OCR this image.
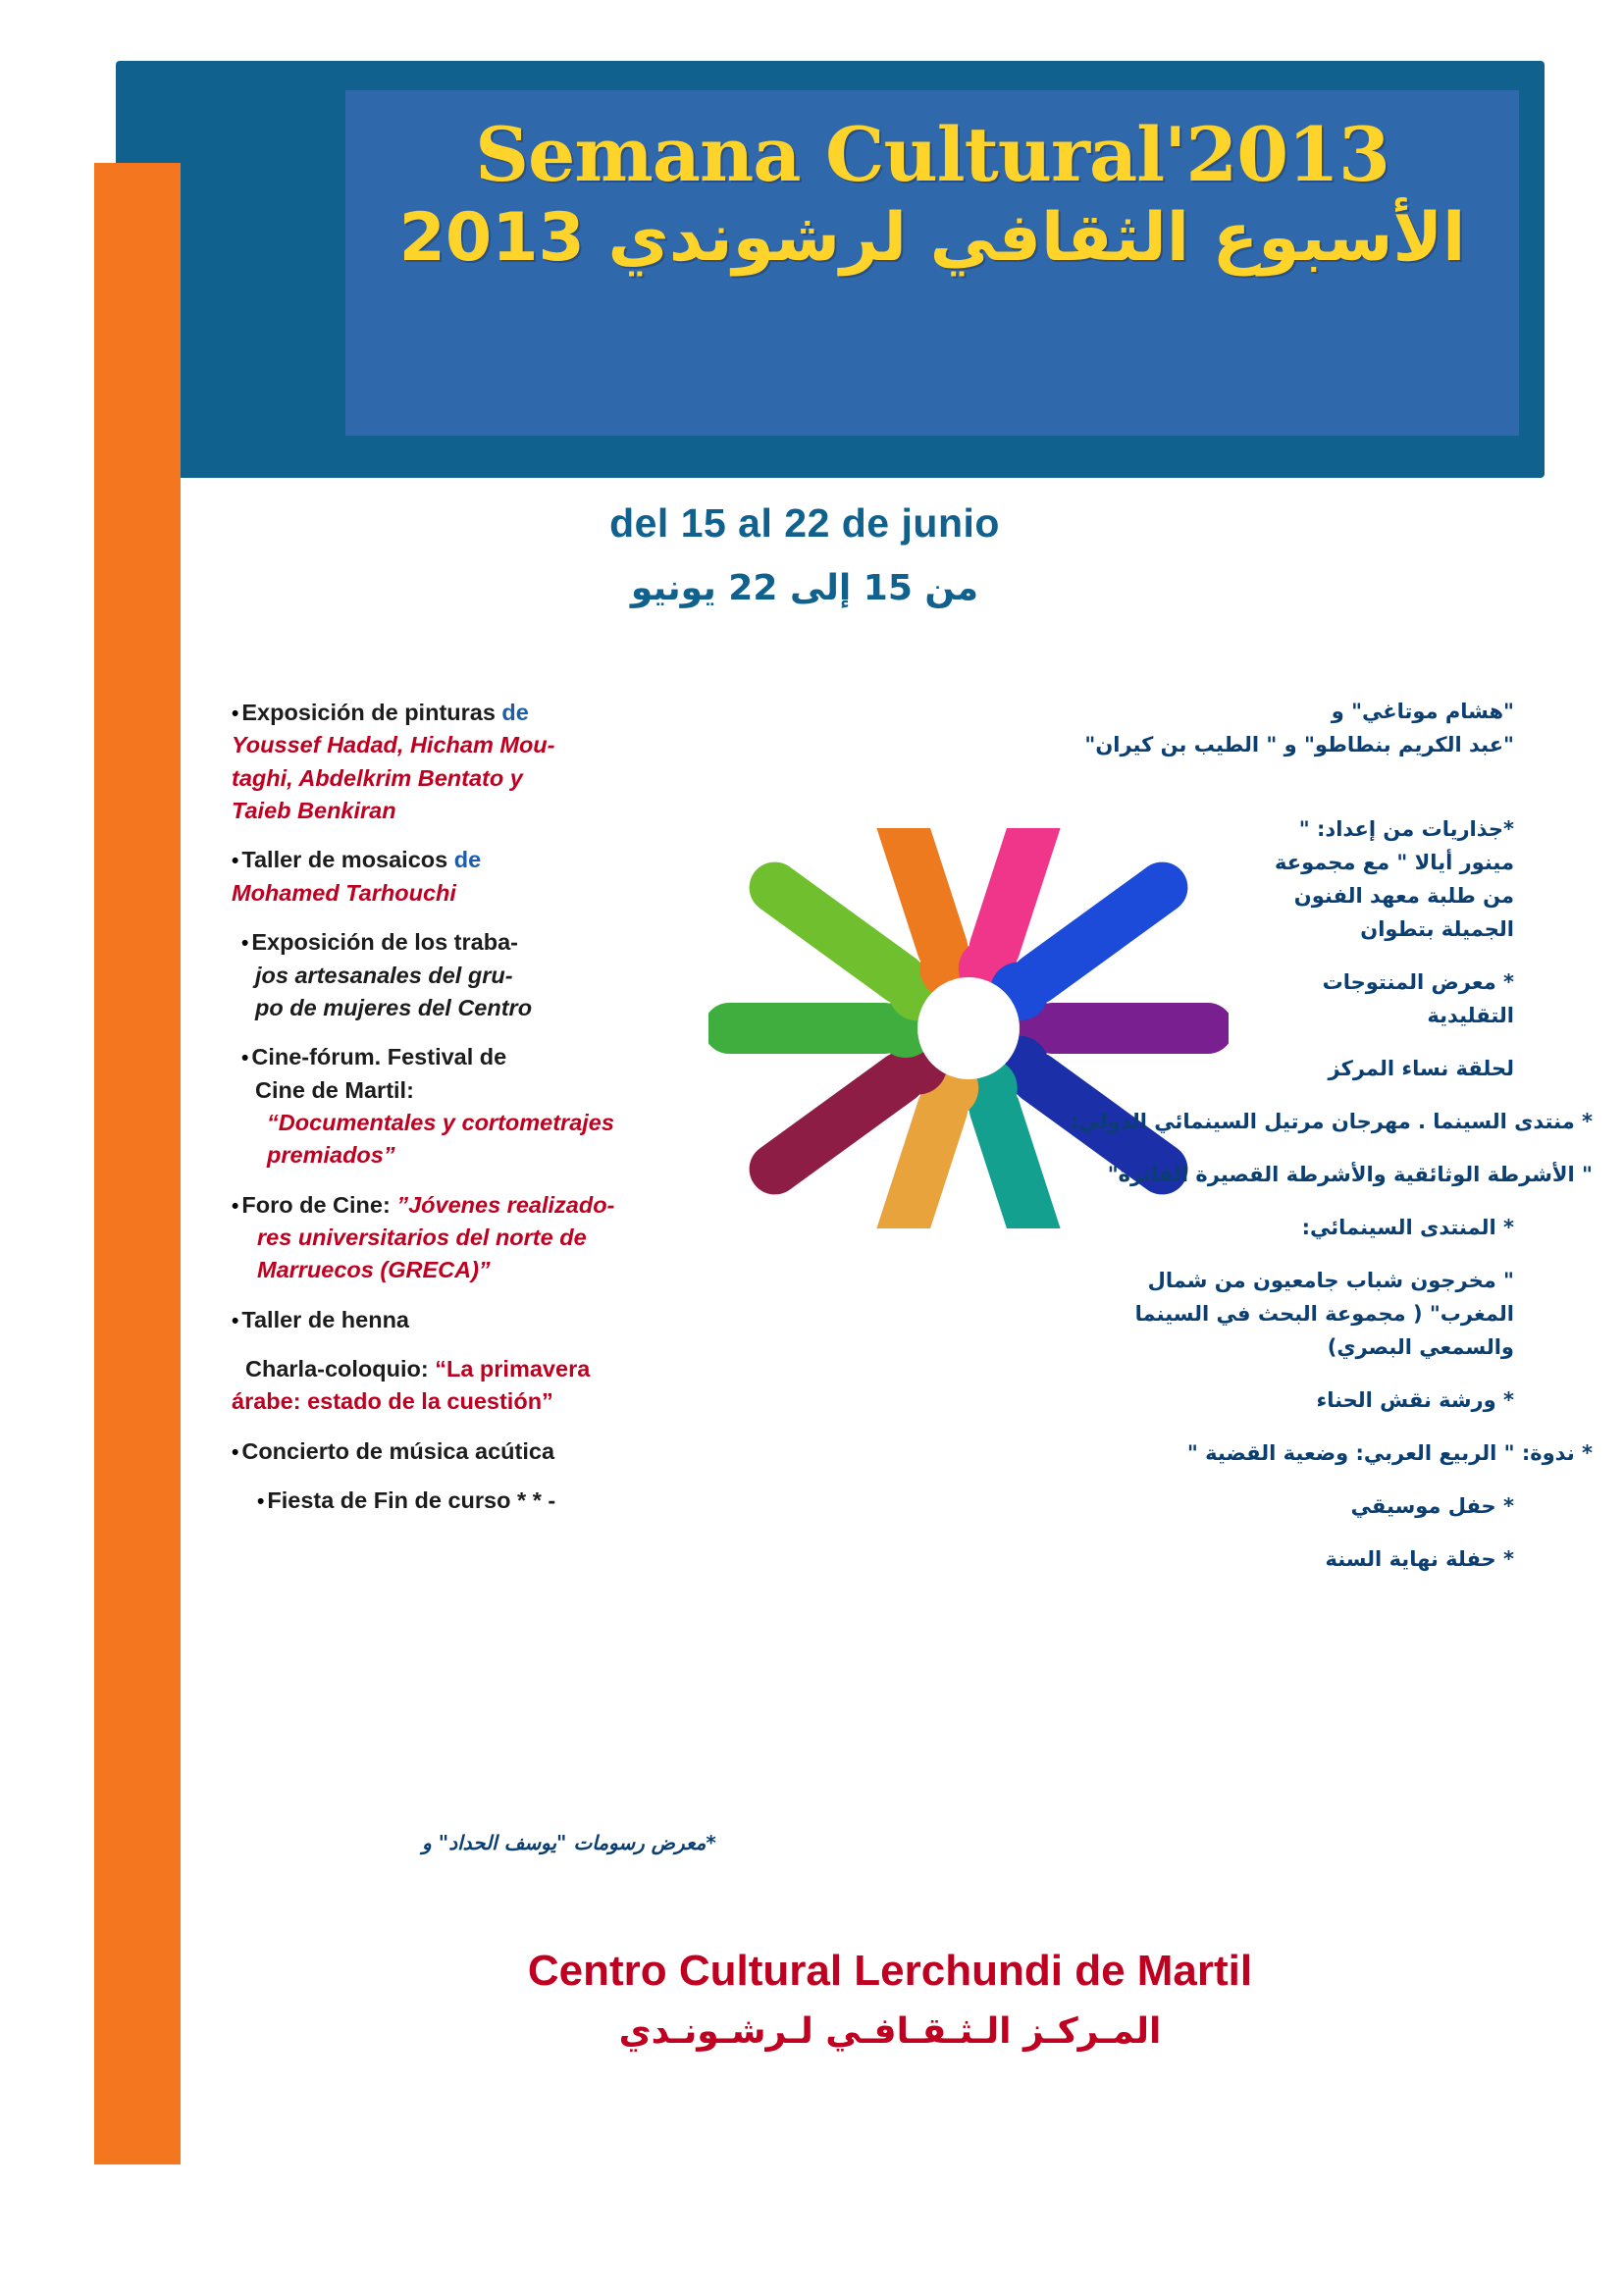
Semana Cultural'2013
الأسبوع الثقافي لرشوندي 2013
del 15 al 22 de junio
من 15 إلى 22 يونيو
• Exposición de pinturas de
Youssef Hadad, Hicham Mou-
taghi, Abdelkrim Bentato y
Taieb Benkiran
• Taller de mosaicos de
Mohamed Tarhouchi
• Exposición de los traba-
jos artesanales del gru-
po de mujeres del Centro
• Cine-fórum. Festival de
Cine de Martil:
“Documentales y cortometrajes
premiados”
• Foro de Cine: ”Jóvenes realizado-
res universitarios del norte de
Marruecos (GRECA)”
• Taller de henna
Charla-coloquio: “La primavera
árabe: estado de la cuestión”
• Concierto de música acútica
• Fiesta de Fin de curso * * -
"هشام موتاغي" و
"عبد الكريم بنطاطو" و " الطيب بن كيران"
*جذاريات من إعداد: "
مينور أيالا " مع مجموعة
من طلبة معهد الفنون
الجميلة بتطوان
* معرض المنتوجات
التقليدية
لحلقة نساء المركز
* منتدى السينما . مهرجان مرتيل السينمائي الدولي:
" الأشرطة الوثائقية والأشرطة القصيرة الفائزة"
* المنتدى السينمائي:
" مخرجون شباب جامعيون من شمال
المغرب" ( مجموعة البحث في السينما
والسمعي البصري)
* ورشة نقش الحناء
* ندوة: " الربيع العربي: وضعية القضية "
* حفل موسيقي
* حفلة نهاية السنة
*معرض رسومات "يوسف الحداد" و
Centro Cultural Lerchundi de Martil
المـركـز الـثـقـافـي لـرشـونـدي
